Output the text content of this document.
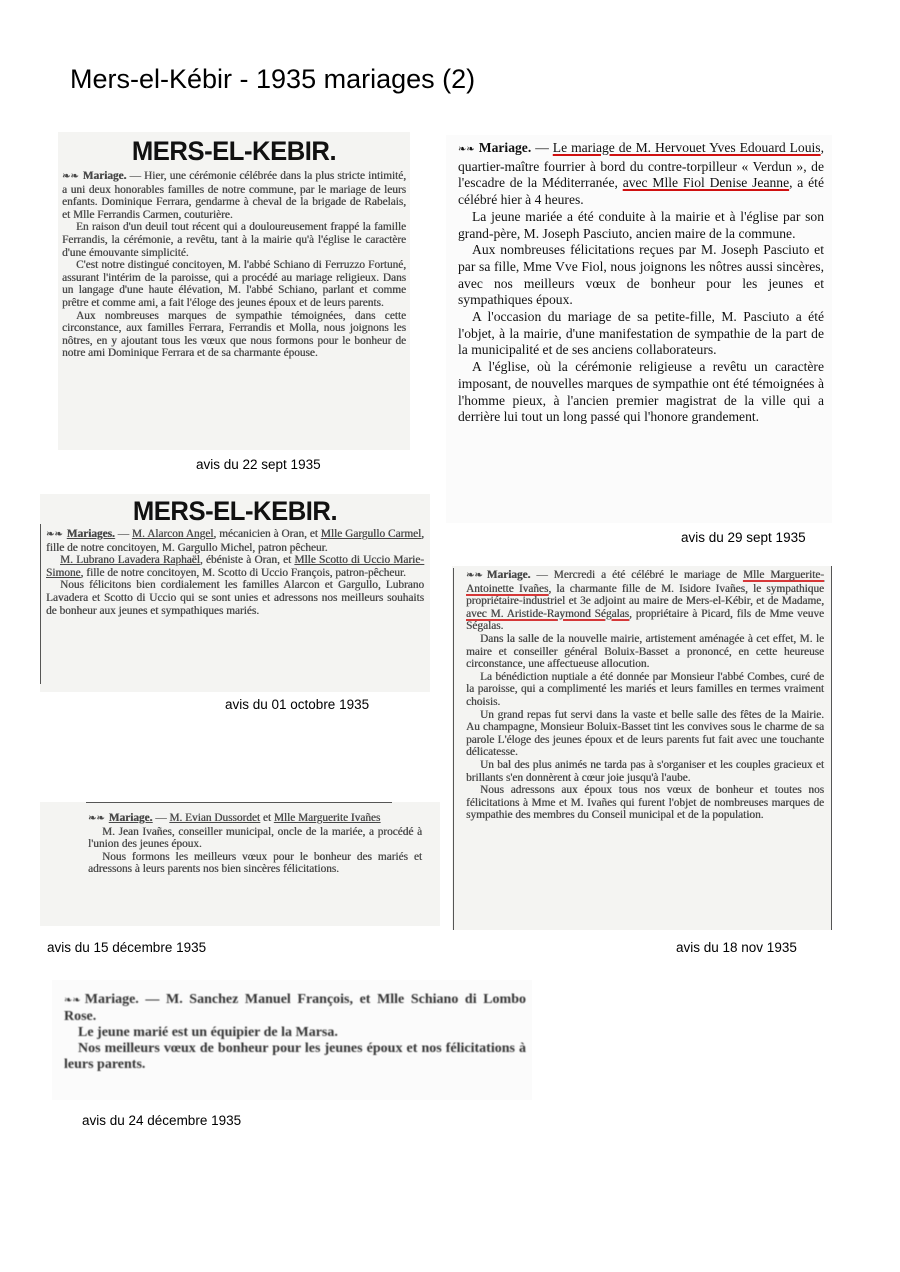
Mers-el-Kébir - 1935 mariages (2)

MERS-EL-KEBIR.

❧❧ Mariage. — Hier, une cérémonie célébrée dans la plus stricte intimité, a uni deux honorables familles de notre commune, par le mariage de leurs enfants. Dominique Ferrara, gendarme à cheval de la brigade de Rabelais, et Mlle Ferrandis Carmen, couturière.

En raison d'un deuil tout récent qui a douloureusement frappé la famille Ferrandis, la cérémonie, a revêtu, tant à la mairie qu'à l'église le caractère d'une émouvante simplicité.

C'est notre distingué concitoyen, M. l'abbé Schiano di Ferruzzo Fortuné, assurant l'intérim de la paroisse, qui a procédé au mariage religieux. Dans un langage d'une haute élévation, M. l'abbé Schiano, parlant et comme prêtre et comme ami, a fait l'éloge des jeunes époux et de leurs parents.

Aux nombreuses marques de sympathie témoignées, dans cette circonstance, aux familles Ferrara, Ferrandis et Molla, nous joignons les nôtres, en y ajoutant tous les vœux que nous formons pour le bonheur de notre ami Dominique Ferrara et de sa charmante épouse.

avis du 22 sept 1935

❧❧ Mariage. — Le mariage de M. Hervouet Yves Edouard Louis, quartier-maître fourrier à bord du contre-torpilleur « Verdun », de l'escadre de la Méditerranée, avec Mlle Fiol Denise Jeanne, a été célébré hier à 4 heures.

La jeune mariée a été conduite à la mairie et à l'église par son grand-père, M. Joseph Pasciuto, ancien maire de la commune.

Aux nombreuses félicitations reçues par M. Joseph Pasciuto et par sa fille, Mme Vve Fiol, nous joignons les nôtres aussi sincères, avec nos meilleurs vœux de bonheur pour les jeunes et sympathiques époux.

A l'occasion du mariage de sa petite-fille, M. Pasciuto a été l'objet, à la mairie, d'une manifestation de sympathie de la part de la municipalité et de ses anciens collaborateurs.

A l'église, où la cérémonie religieuse a revêtu un caractère imposant, de nouvelles marques de sympathie ont été témoignées à l'homme pieux, à l'ancien premier magistrat de la ville qui a derrière lui tout un long passé qui l'honore grandement.

avis du 29 sept 1935

MERS-EL-KEBIR.

❧❧ Mariages. — M. Alarcon Angel, mécanicien à Oran, et Mlle Gargullo Carmel, fille de notre concitoyen, M. Gargullo Michel, patron pêcheur.

M. Lubrano Lavadera Raphaël, ébéniste à Oran, et Mlle Scotto di Uccio Marie-Simone, fille de notre concitoyen, M. Scotto di Uccio François, patron-pêcheur.

Nous félicitons bien cordialement les familles Alarcon et Gargullo, Lubrano Lavadera et Scotto di Uccio qui se sont unies et adressons nos meilleurs souhaits de bonheur aux jeunes et sympathiques mariés.

avis du 01 octobre 1935

❧❧ Mariage. — Mercredi a été célébré le mariage de Mlle Marguerite-Antoinette Ivañes, la charmante fille de M. Isidore Ivañes, le sympathique propriétaire-industriel et 3e adjoint au maire de Mers-el-Kébir, et de Madame, avec M. Aristide-Raymond Ségalas, propriétaire à Picard, fils de Mme veuve Ségalas.

Dans la salle de la nouvelle mairie, artistement aménagée à cet effet, M. le maire et conseiller général Boluix-Basset a prononcé, en cette heureuse circonstance, une affectueuse allocution.

La bénédiction nuptiale a été donnée par Monsieur l'abbé Combes, curé de la paroisse, qui a complimenté les mariés et leurs familles en termes vraiment choisis.

Un grand repas fut servi dans la vaste et belle salle des fêtes de la Mairie. Au champagne, Monsieur Boluix-Basset tint les convives sous le charme de sa parole L'éloge des jeunes époux et de leurs parents fut fait avec une touchante délicatesse.

Un bal des plus animés ne tarda pas à s'organiser et les couples gracieux et brillants s'en donnèrent à cœur joie jusqu'à l'aube.

Nous adressons aux époux tous nos vœux de bonheur et toutes nos félicitations à Mme et M. Ivañes qui furent l'objet de nombreuses marques de sympathie des membres du Conseil municipal et de la population.

avis du 18 nov 1935

❧❧ Mariage. — M. Evian Dussordet et Mlle Marguerite Ivañes

M. Jean Ivañes, conseiller municipal, oncle de la mariée, a procédé à l'union des jeunes époux.

Nous formons les meilleurs vœux pour le bonheur des mariés et adressons à leurs parents nos bien sincères félicitations.

avis du 15 décembre 1935

❧❧ Mariage. — M. Sanchez Manuel François, et Mlle Schiano di Lombo Rose.

Le jeune marié est un équipier de la Marsa.

Nos meilleurs vœux de bonheur pour les jeunes époux et nos félicitations à leurs parents.

avis du 24 décembre 1935
